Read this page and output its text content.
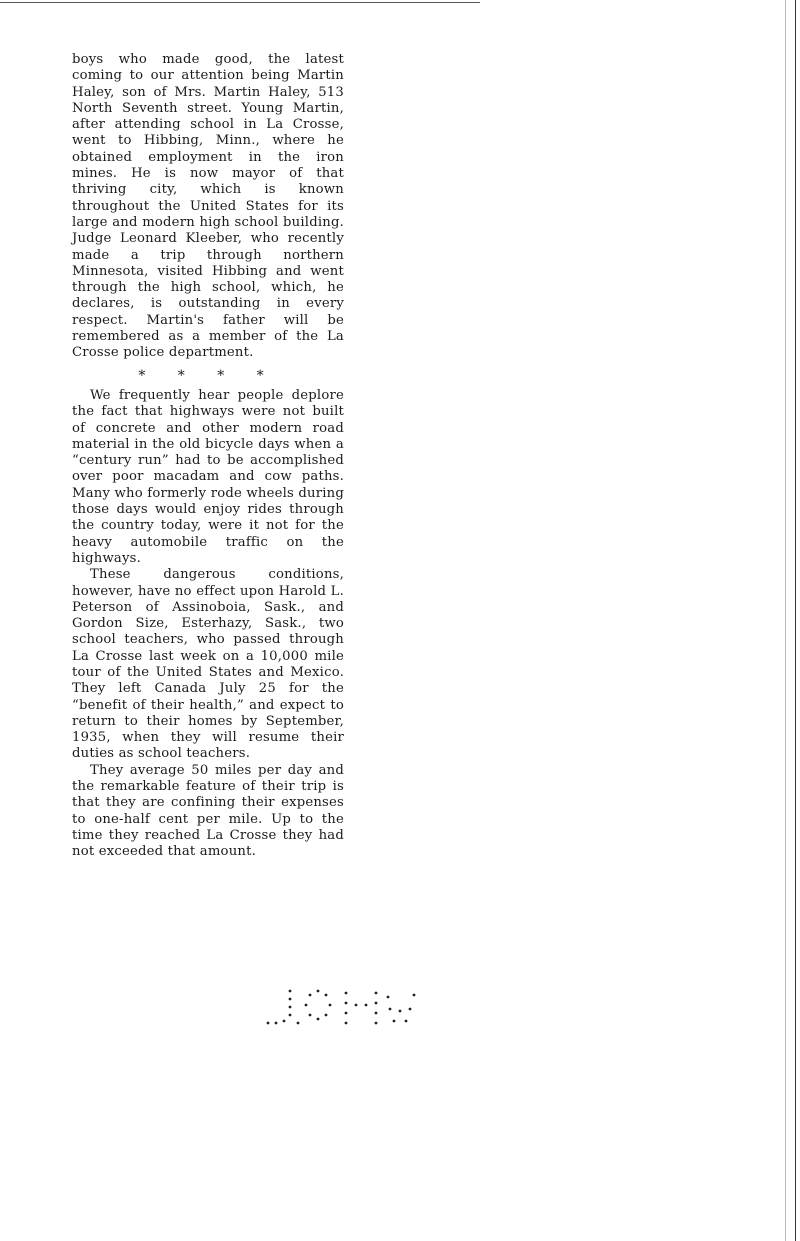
boys who made good, the latest coming to our attention being Martin Haley, son of Mrs. Martin Haley, 513 North Seventh street. Young Martin, after attending school in La Crosse, went to Hibbing, Minn., where he obtained employment in the iron mines. He is now mayor of that thriving city, which is known throughout the United States for its large and modern high school building. Judge Leonard Kleeber, who recently made a trip through northern Minnesota, visited Hibbing and went through the high school, which, he declares, is outstanding in every respect. Martin's father will be remembered as a member of the La Crosse police department.

* * * *

We frequently hear people deplore the fact that highways were not built of concrete and other modern road material in the old bicycle days when a “century run” had to be accomplished over poor macadam and cow paths. Many who formerly rode wheels during those days would enjoy rides through the country today, were it not for the heavy automobile traffic on the highways.

These dangerous conditions, however, have no effect upon Harold L. Peterson of Assinoboia, Sask., and Gordon Size, Esterhazy, Sask., two school teachers, who passed through La Crosse last week on a 10,000 mile tour of the United States and Mexico. They left Canada July 25 for the “benefit of their health,” and expect to return to their homes by September, 1935, when they will resume their duties as school teachers.

They average 50 miles per day and the remarkable feature of their trip is that they are confining their expenses to one-half cent per mile. Up to the time they reached La Crosse they had not exceeded that amount.
